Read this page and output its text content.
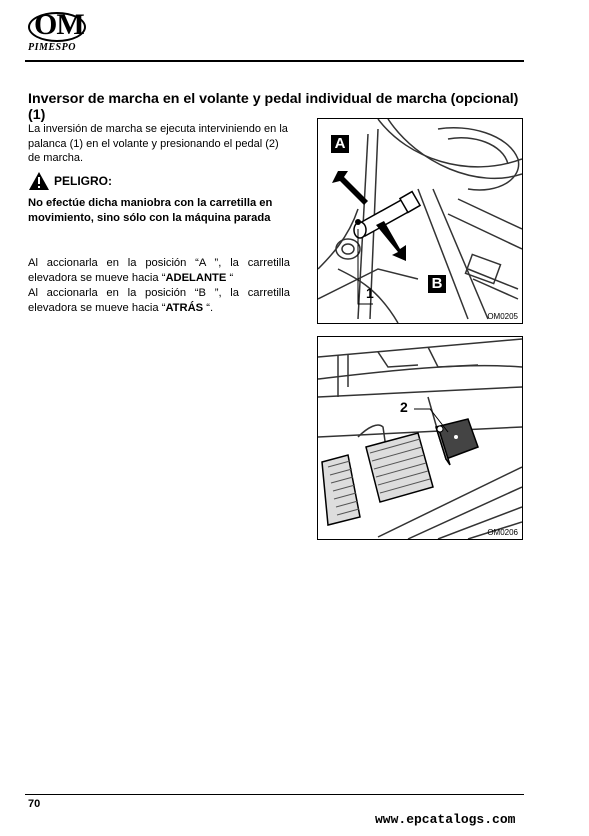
OM
PIMESPO
Inversor de marcha en el volante y pedal individual de marcha (opcional) (1)
La inversión de marcha se ejecuta interviniendo en la palanca (1) en el volante y presionando el pedal (2) de marcha.
PELIGRO:
No efectúe dicha maniobra con la carretilla en movimiento, sino sólo con la máquina parada
Al accionarla en la posición “A ”, la carretilla elevadora se mueve hacia “ADELANTE “
Al accionarla en la posición “B ”, la carretilla elevadora se mueve hacia “ATRÁS “.
A
B
1
OM0205
2
OM0206
70
www.epcatalogs.com
